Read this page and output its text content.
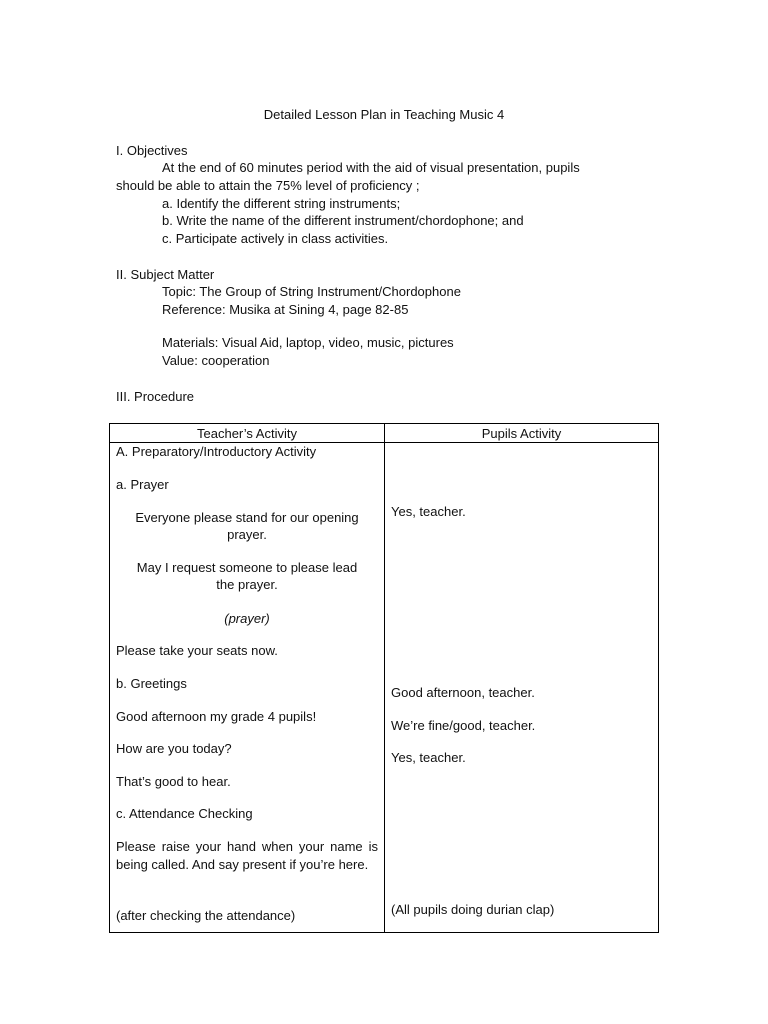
Detailed Lesson Plan in Teaching Music 4
I. Objectives
At the end of 60 minutes period with the aid of visual presentation, pupils
should be able to attain the 75% level of proficiency ;
a. Identify the different string instruments;
b. Write the name of the different instrument/chordophone; and
c. Participate actively in class activities.
II. Subject Matter
Topic: The Group of String Instrument/Chordophone
Reference: Musika at Sining 4, page 82-85
Materials: Visual Aid, laptop, video, music, pictures
Value: cooperation
III. Procedure
Teacher’s Activity	Pupils Activity
A. Preparatory/Introductory Activity
a. Prayer
Everyone please stand for our opening
prayer.
May I request someone to please lead
the prayer.
(prayer)
Please take your seats now.
b. Greetings
Good afternoon my grade 4 pupils!
How are you today?
That’s good to hear.
c. Attendance Checking
Please raise your hand when your name is being called. And say present if you’re here.
(after checking the attendance)
Yes, teacher.
Good afternoon, teacher.
We’re fine/good, teacher.
Yes, teacher.
(All pupils doing durian clap)
